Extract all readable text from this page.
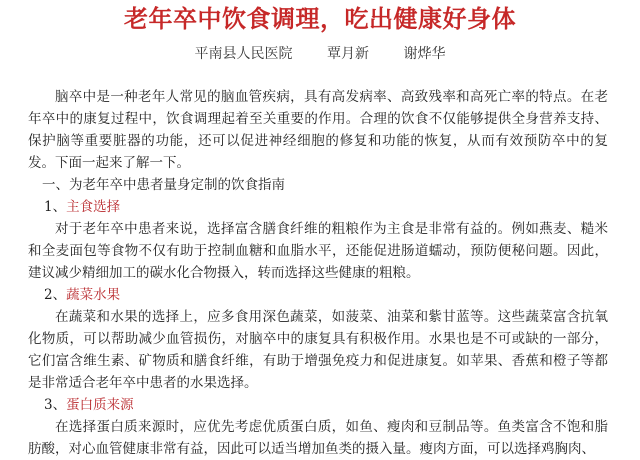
老年卒中饮食调理，吃出健康好身体
平南县人民医院 覃月新 谢烨华

脑卒中是一种老年人常见的脑血管疾病，具有高发病率、高致残率和高死亡率的特点。在老年卒中的康复过程中，饮食调理起着至关重要的作用。合理的饮食不仅能够提供全身营养支持、保护脑等重要脏器的功能，还可以促进神经细胞的修复和功能的恢复，从而有效预防卒中的复发。下面一起来了解一下。

一、为老年卒中患者量身定制的饮食指南

1、主食选择

对于老年卒中患者来说，选择富含膳食纤维的粗粮作为主食是非常有益的。例如燕麦、糙米和全麦面包等食物不仅有助于控制血糖和血脂水平，还能促进肠道蠕动，预防便秘问题。因此，建议减少精细加工的碳水化合物摄入，转而选择这些健康的粗粮。

2、蔬菜水果

在蔬菜和水果的选择上，应多食用深色蔬菜，如菠菜、油菜和紫甘蓝等。这些蔬菜富含抗氧化物质，可以帮助减少血管损伤，对脑卒中的康复具有积极作用。水果也是不可或缺的一部分，它们富含维生素、矿物质和膳食纤维，有助于增强免疫力和促进康复。如苹果、香蕉和橙子等都是非常适合老年卒中患者的水果选择。

3、蛋白质来源

在选择蛋白质来源时，应优先考虑优质蛋白质，如鱼、瘦肉和豆制品等。鱼类富含不饱和脂肪酸，对心血管健康非常有益，因此可以适当增加鱼类的摄入量。瘦肉方面，可以选择鸡胸肉、
